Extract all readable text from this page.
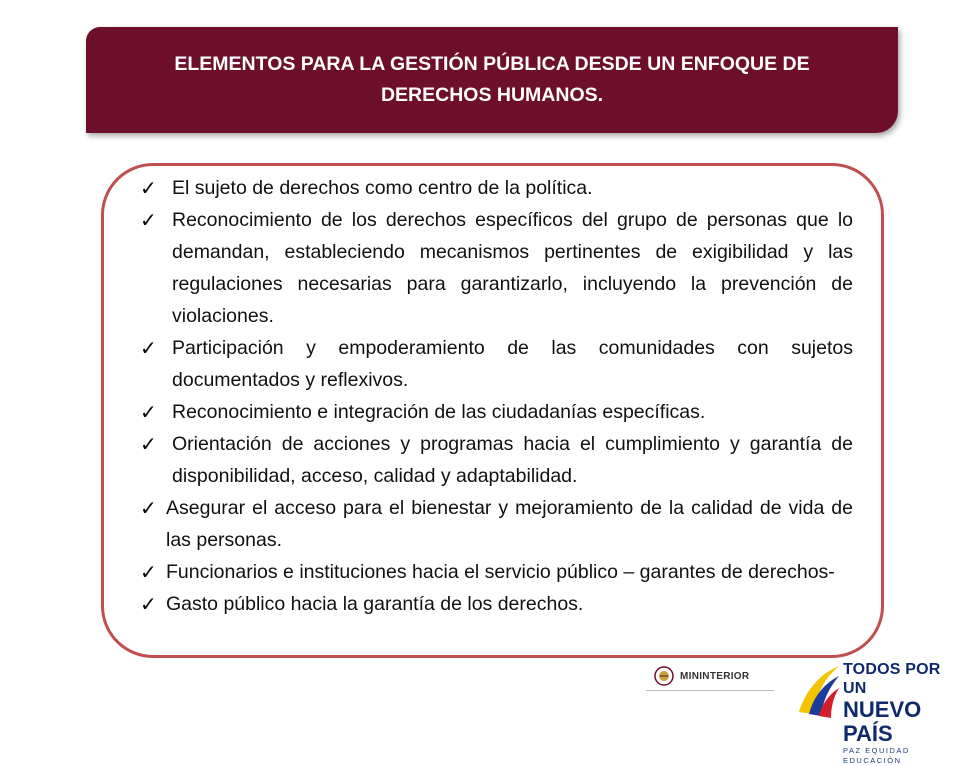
ELEMENTOS PARA LA GESTIÓN PÚBLICA DESDE UN ENFOQUE DE DERECHOS HUMANOS.
✓ El sujeto de derechos como centro de la política.
✓ Reconocimiento de los derechos específicos del grupo de personas que lo demandan, estableciendo mecanismos pertinentes de exigibilidad y las regulaciones necesarias para garantizarlo, incluyendo la prevención de violaciones.
✓ Participación y empoderamiento de las comunidades con sujetos documentados y reflexivos.
✓ Reconocimiento e integración de las ciudadanías específicas.
✓ Orientación de acciones y programas hacia el cumplimiento y garantía de disponibilidad, acceso, calidad y adaptabilidad.
✓ Asegurar el acceso para el bienestar y mejoramiento de la calidad de vida de las personas.
✓ Funcionarios e instituciones hacia el servicio público – garantes de derechos-
✓ Gasto público hacia la garantía de los derechos.
MININTERIOR	TODOS POR UN
NUEVO PAÍS
PAZ EQUIDAD EDUCACIÓN
